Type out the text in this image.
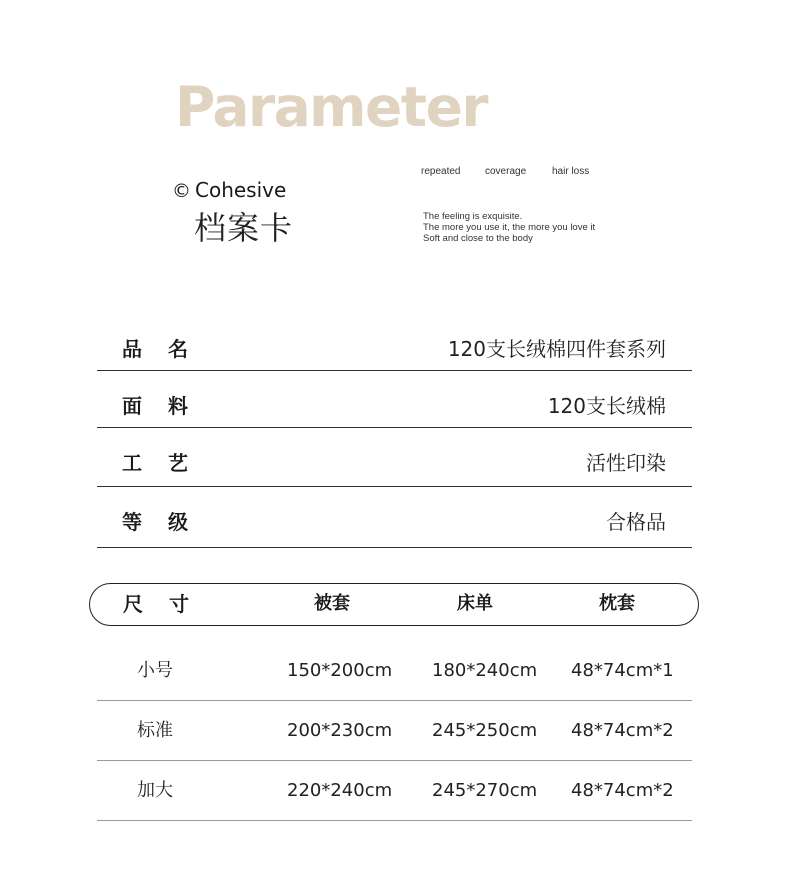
Parameter
© Cohesive
档案卡
repeated coverage	hair loss
The feeling is exquisite.
The more you use it, the more you love it
Soft and close to the body
品名	120支长绒棉四件套系列
面料	120支长绒棉
工艺	活性印染
等级	合格品
尺寸	被套	床单	枕套
小号	150*200cm 180*240cm 48*74cm*1
标准	200*230cm 245*250cm 48*74cm*2
加大	220*240cm 245*270cm 48*74cm*2
